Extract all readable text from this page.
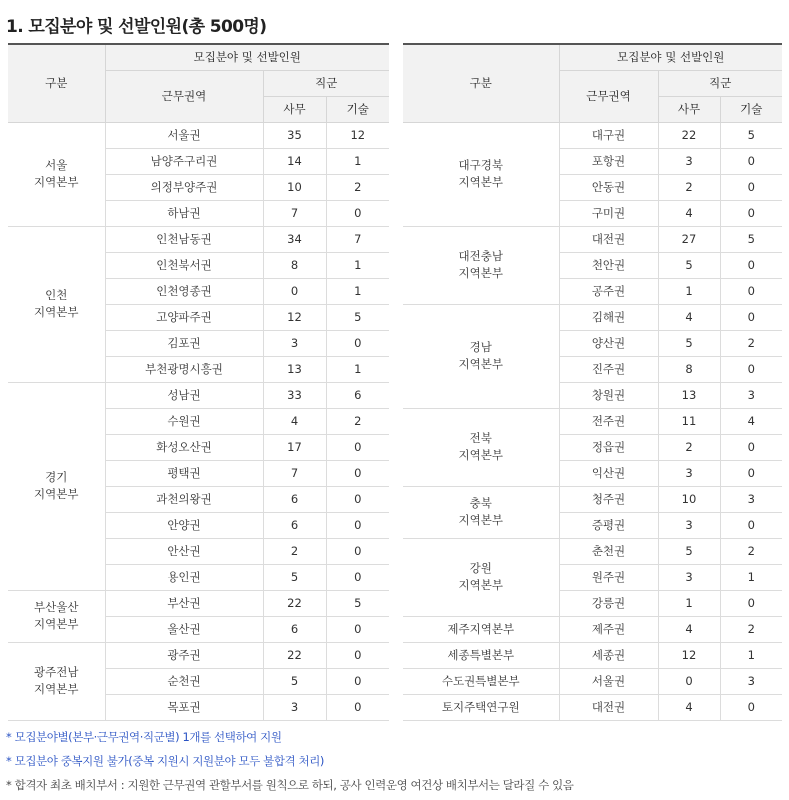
1. 모집분야 및 선발인원(총 500명)
구분	모집분야 및 선발인원		
	근무권역	직군	
		사무	기술
서울
지역본부	서울권	35	12
	남양주구리권	14	1
	의정부양주권	10	2
	하남권	7	0
인천
지역본부	인천남동권	34	7
	인천북서권	8	1
	인천영종권	0	1
	고양파주권	12	5
	김포권	3	0
	부천광명시흥권	13	1
경기
지역본부	성남권	33	6
	수원권	4	2
	화성오산권	17	0
	평택권	7	0
	과천의왕권	6	0
	안양권	6	0
	안산권	2	0
	용인권	5	0
부산울산
지역본부	부산권	22	5
	울산권	6	0
광주전남
지역본부	광주권	22	0
	순천권	5	0
	목포권	3	0
구분	모집분야 및 선발인원		
	근무권역	직군	
		사무	기술
대구경북
지역본부	대구권	22	5
	포항권	3	0
	안동권	2	0
	구미권	4	0
대전충남
지역본부	대전권	27	5
	천안권	5	0
	공주권	1	0
경남
지역본부	김해권	4	0
	양산권	5	2
	진주권	8	0
	창원권	13	3
전북
지역본부	전주권	11	4
	정읍권	2	0
	익산권	3	0
충북
지역본부	청주권	10	3
	증평권	3	0
강원
지역본부	춘천권	5	2
	원주권	3	1
	강릉권	1	0
제주지역본부	제주권	4	2
세종특별본부	세종권	12	1
수도권특별본부	서울권	0	3
토지주택연구원	대전권	4	0
* 모집분야별(본부·근무권역·직군별) 1개를 선택하여 지원
* 모집분야 중복지원 불가(중복 지원시 지원분야 모두 불합격 처리)
* 합격자 최초 배치부서 : 지원한 근무권역 관할부서를 원칙으로 하되, 공사 인력운영 여건상 배치부서는 달라질 수 있음
